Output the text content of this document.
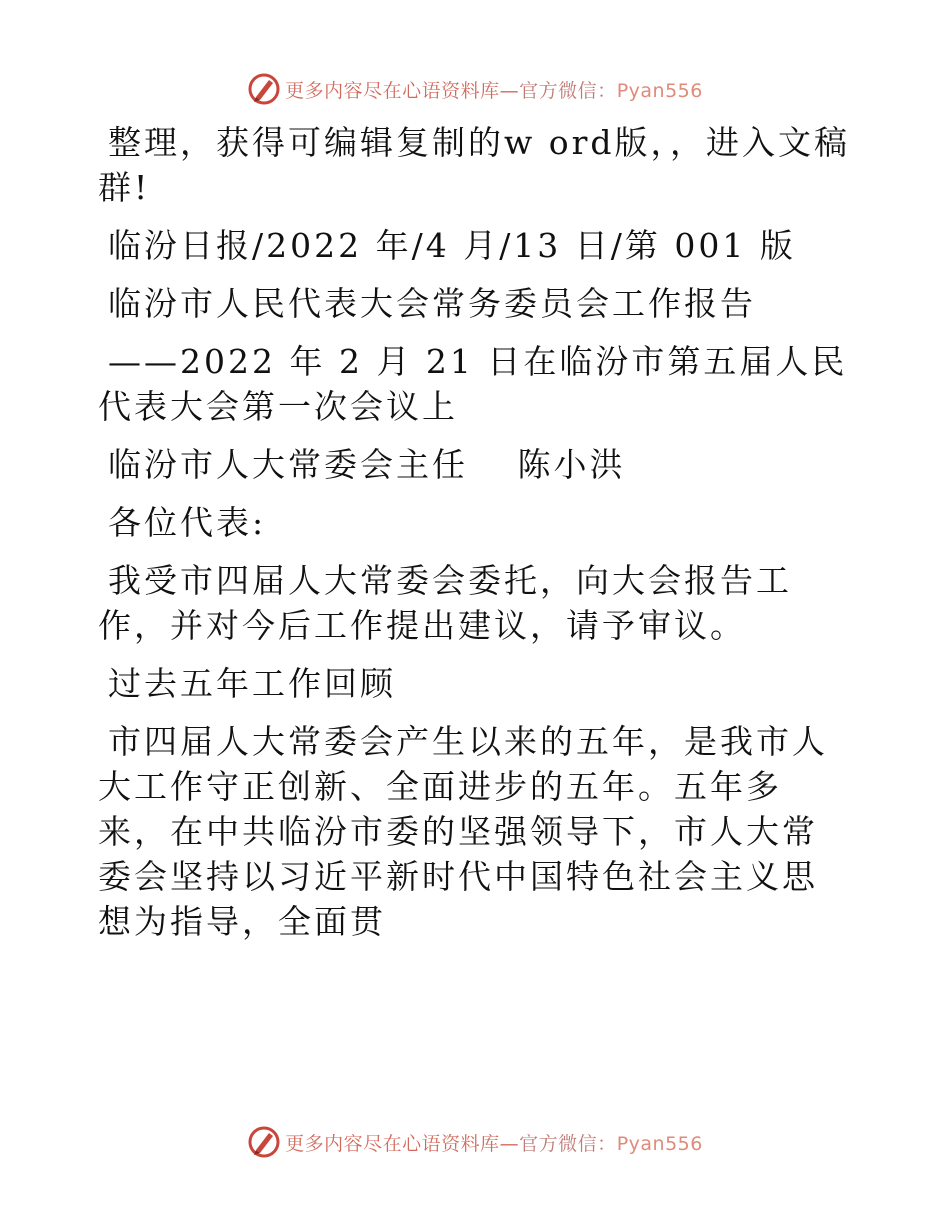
更多内容尽在心语资料库—官方微信：Pyan556

整理，获得可编辑复制的w ord版，，进入文稿群!

临汾日报/2022 年/4 月/13 日/第 001 版

临汾市人民代表大会常务委员会工作报告

——2022 年 2 月 21 日在临汾市第五届人民代表大会第一次会议上

临汾市人大常委会主任　 陈小洪

各位代表:

我受市四届人大常委会委托，向大会报告工作，并对今后工作提出建议，请予审议。

过去五年工作回顾

市四届人大常委会产生以来的五年，是我市人大工作守正创新、全面进步的五年。五年多来，在中共临汾市委的坚强领导下，市人大常委会坚持以习近平新时代中国特色社会主义思想为指导，全面贯

更多内容尽在心语资料库—官方微信：Pyan556
